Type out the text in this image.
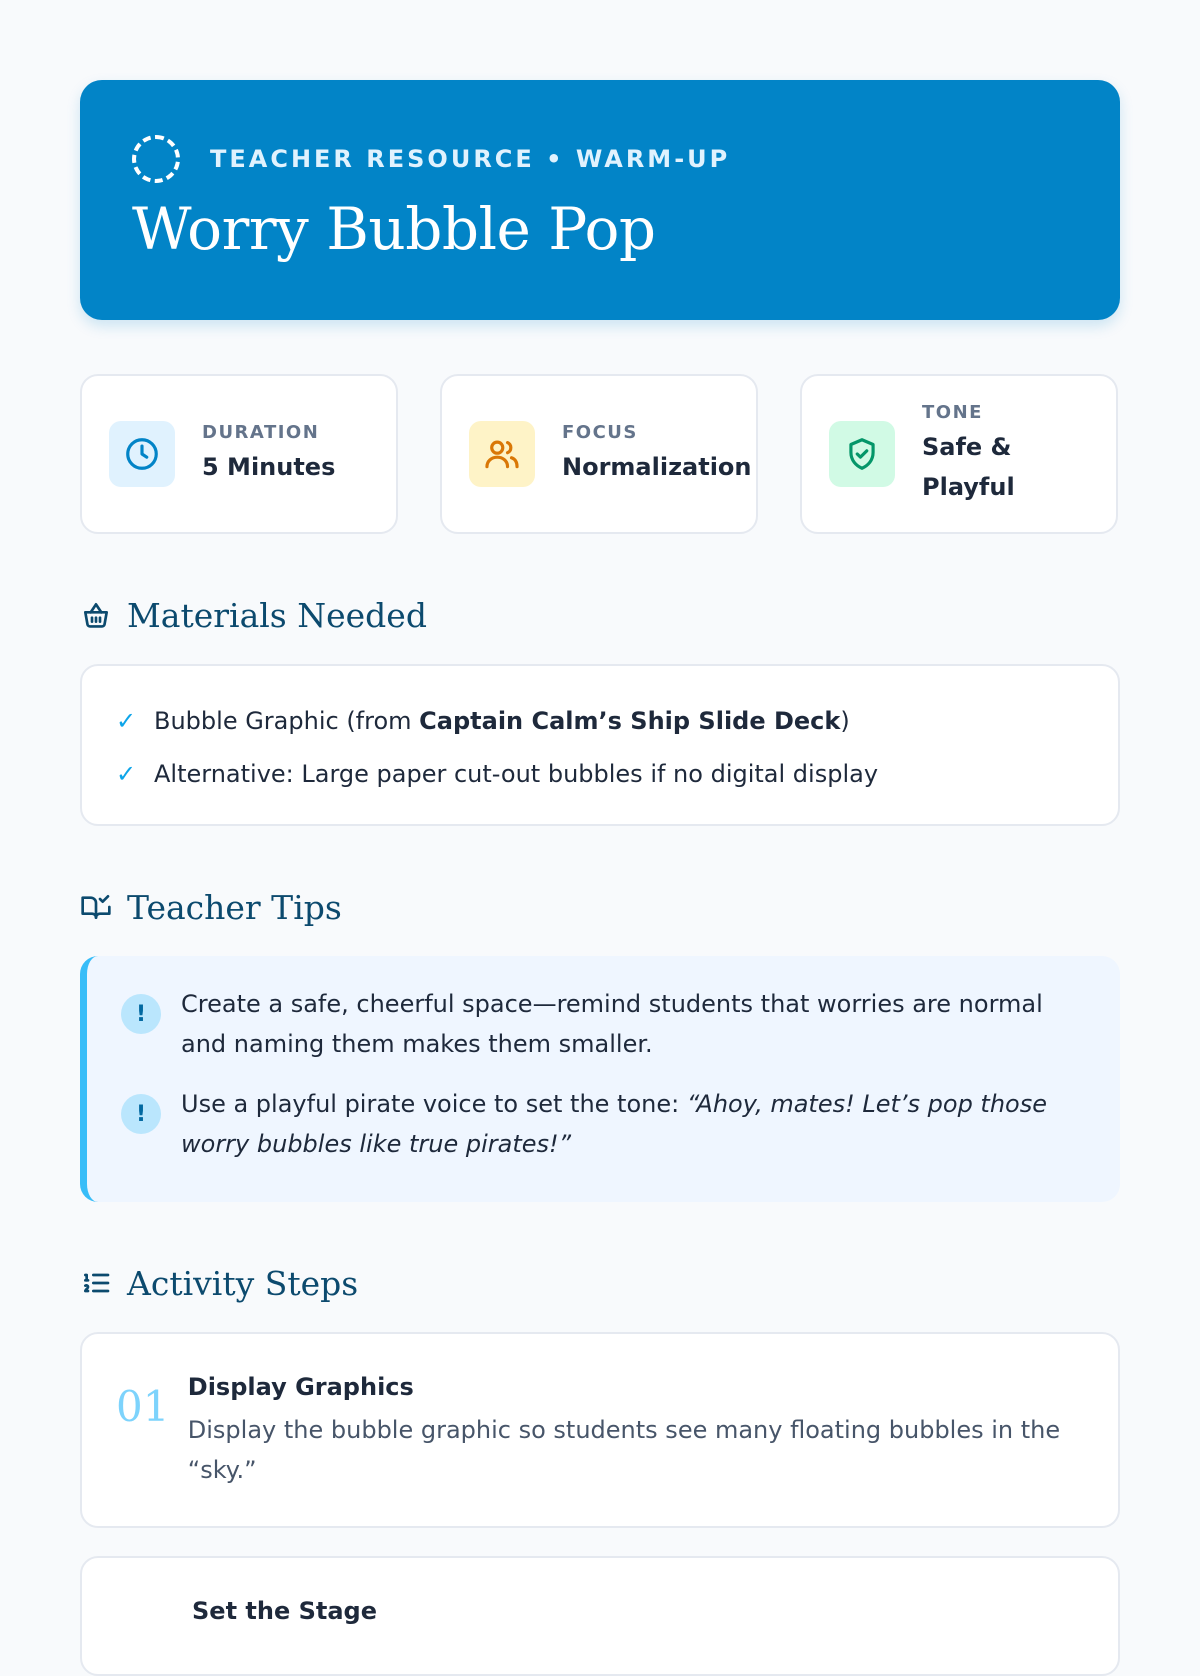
TEACHER RESOURCE • WARM-UP
Worry Bubble Pop
DURATION
5 Minutes
FOCUS
Normalization
TONE
Safe & Playful
Materials Needed
✓ Bubble Graphic (from Captain Calm’s Ship Slide Deck)
✓ Alternative: Large paper cut-out bubbles if no digital display
Teacher Tips
!	Create a safe, cheerful space—remind students that worries are normal and naming them makes them smaller.
!	Use a playful pirate voice to set the tone: “Ahoy, mates! Let’s pop those worry bubbles like true pirates!”
Activity Steps
01 Display Graphics
Display the bubble graphic so students see many floating bubbles in the “sky.”
Set the Stage
